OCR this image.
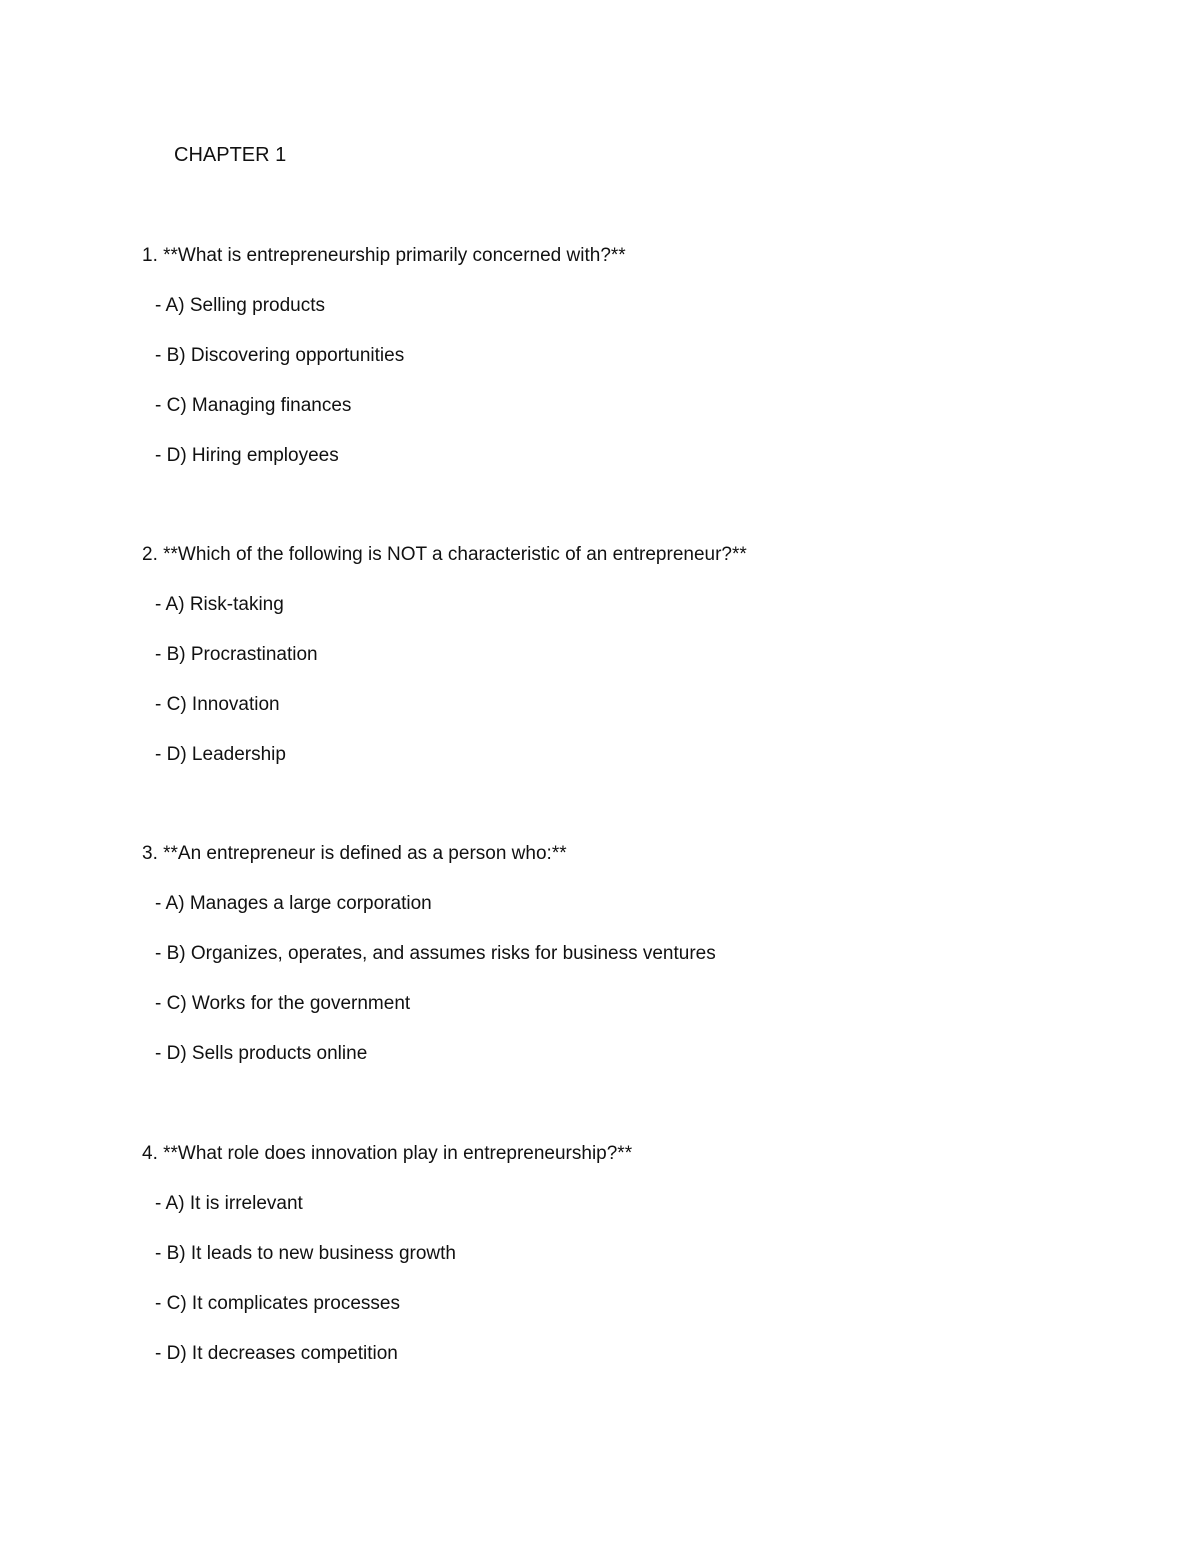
CHAPTER 1
1. **What is entrepreneurship primarily concerned with?**
- A) Selling products
- B) Discovering opportunities
- C) Managing finances
- D) Hiring employees
2. **Which of the following is NOT a characteristic of an entrepreneur?**
- A) Risk-taking
- B) Procrastination
- C) Innovation
- D) Leadership
3. **An entrepreneur is defined as a person who:**
- A) Manages a large corporation
- B) Organizes, operates, and assumes risks for business ventures
- C) Works for the government
- D) Sells products online
4. **What role does innovation play in entrepreneurship?**
- A) It is irrelevant
- B) It leads to new business growth
- C) It complicates processes
- D) It decreases competition
